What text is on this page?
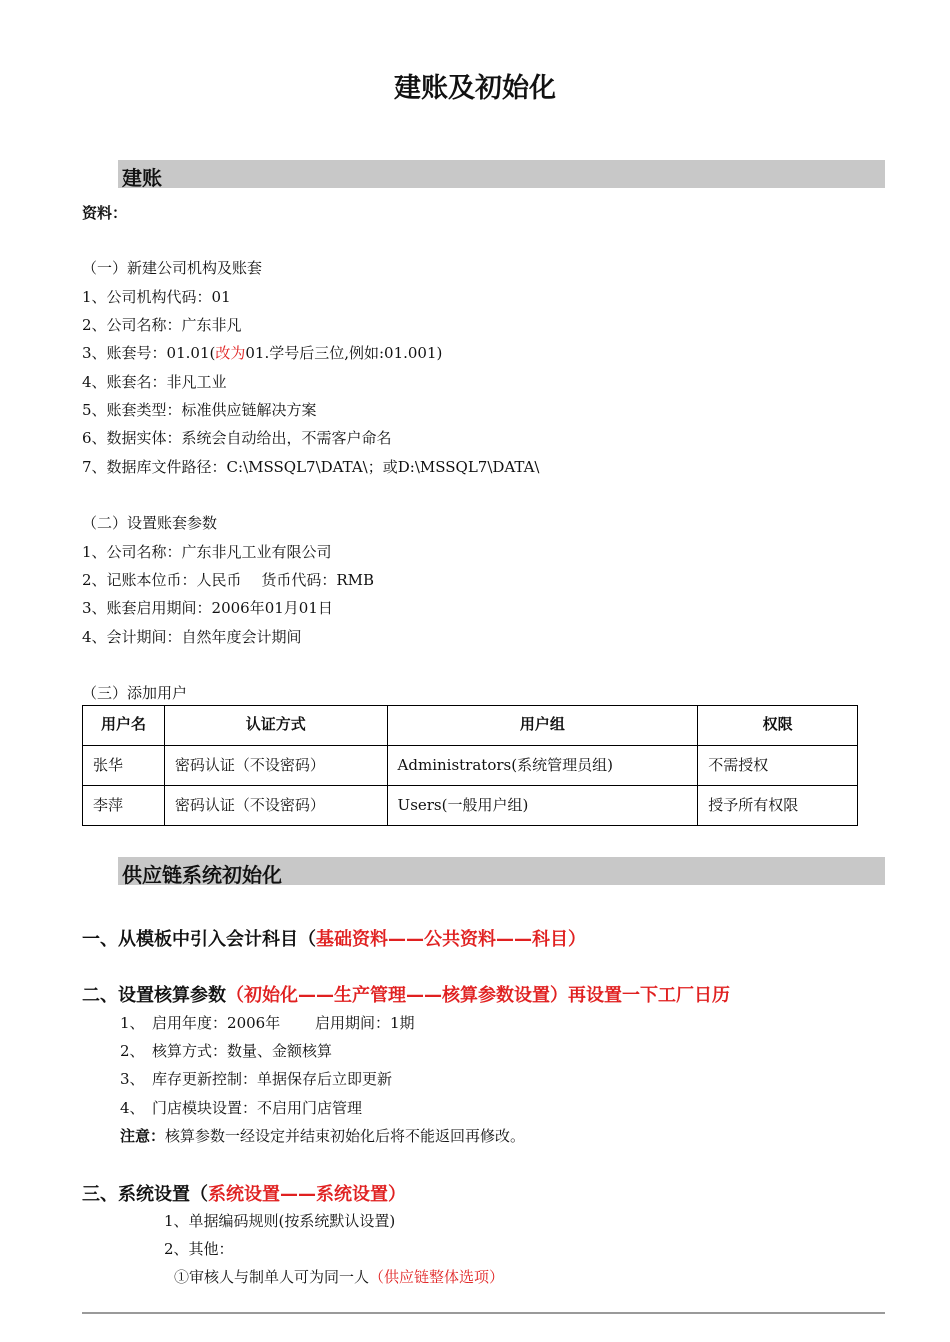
建账及初始化
建账
资料：
（一）新建公司机构及账套
1、公司机构代码：01
2、公司名称：广东非凡
3、账套号：01.01(改为01.学号后三位,例如:01.001)
4、账套名：非凡工业
5、账套类型：标准供应链解决方案
6、数据实体：系统会自动给出，不需客户命名
7、数据库文件路径：C:\MSSQL7\DATA\；或D:\MSSQL7\DATA\
（二）设置账套参数
1、公司名称：广东非凡工业有限公司
2、记账本位币：人民币　 货币代码：RMB
3、账套启用期间：2006年01月01日
4、会计期间：自然年度会计期间
（三）添加用户
用户名	认证方式	用户组	权限
张华	密码认证（不设密码）	Administrators(系统管理员组)	不需授权
李萍	密码认证（不设密码）	Users(一般用户组)	授予所有权限
供应链系统初始化
一、从模板中引入会计科目（基础资料——公共资料——科目）
二、设置核算参数（初始化——生产管理——核算参数设置）再设置一下工厂日历
1、　启用年度：2006年　　 启用期间：1期
2、　核算方式：数量、金额核算
3、　库存更新控制：单据保存后立即更新
4、　门店模块设置：不启用门店管理
注意：核算参数一经设定并结束初始化后将不能返回再修改。
三、系统设置（系统设置——系统设置）
1、单据编码规则(按系统默认设置)
2、其他：
①审核人与制单人可为同一人（供应链整体选项）
